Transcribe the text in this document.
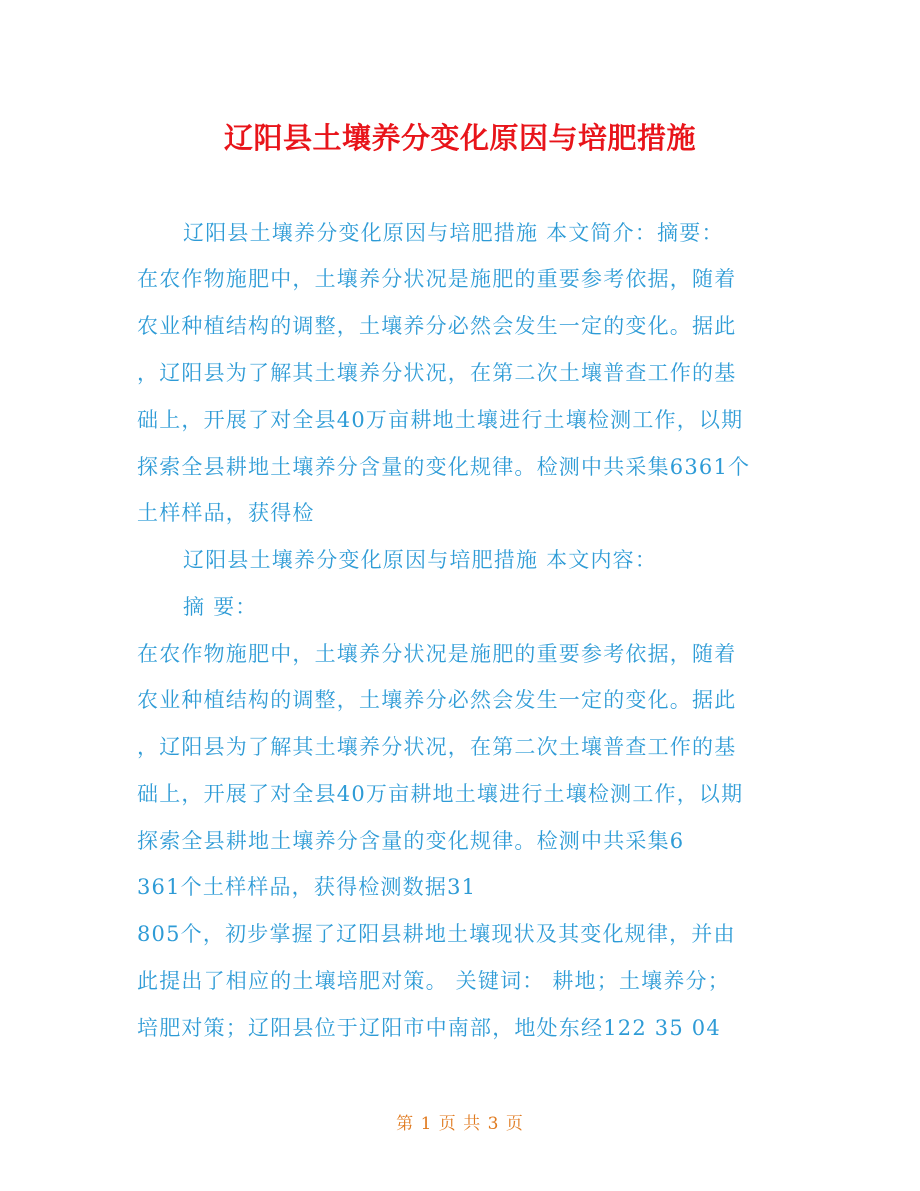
辽阳县土壤养分变化原因与培肥措施
辽阳县土壤养分变化原因与培肥措施 本文简介：摘要：
在农作物施肥中，土壤养分状况是施肥的重要参考依据，随着
农业种植结构的调整，土壤养分必然会发生一定的变化。据此
，辽阳县为了解其土壤养分状况，在第二次土壤普查工作的基
础上，开展了对全县40万亩耕地土壤进行土壤检测工作，以期
探索全县耕地土壤养分含量的变化规律。检测中共采集6361个
土样样品，获得检
辽阳县土壤养分变化原因与培肥措施 本文内容：
摘 要：
在农作物施肥中，土壤养分状况是施肥的重要参考依据，随着
农业种植结构的调整，土壤养分必然会发生一定的变化。据此
，辽阳县为了解其土壤养分状况，在第二次土壤普查工作的基
础上，开展了对全县40万亩耕地土壤进行土壤检测工作，以期
探索全县耕地土壤养分含量的变化规律。检测中共采集6
361个土样样品，获得检测数据31
805个，初步掌握了辽阳县耕地土壤现状及其变化规律，并由
此提出了相应的土壤培肥对策。 关键词： 耕地；土壤养分；
培肥对策；辽阳县位于辽阳市中南部，地处东经122 35 04
第 1 页 共 3 页
